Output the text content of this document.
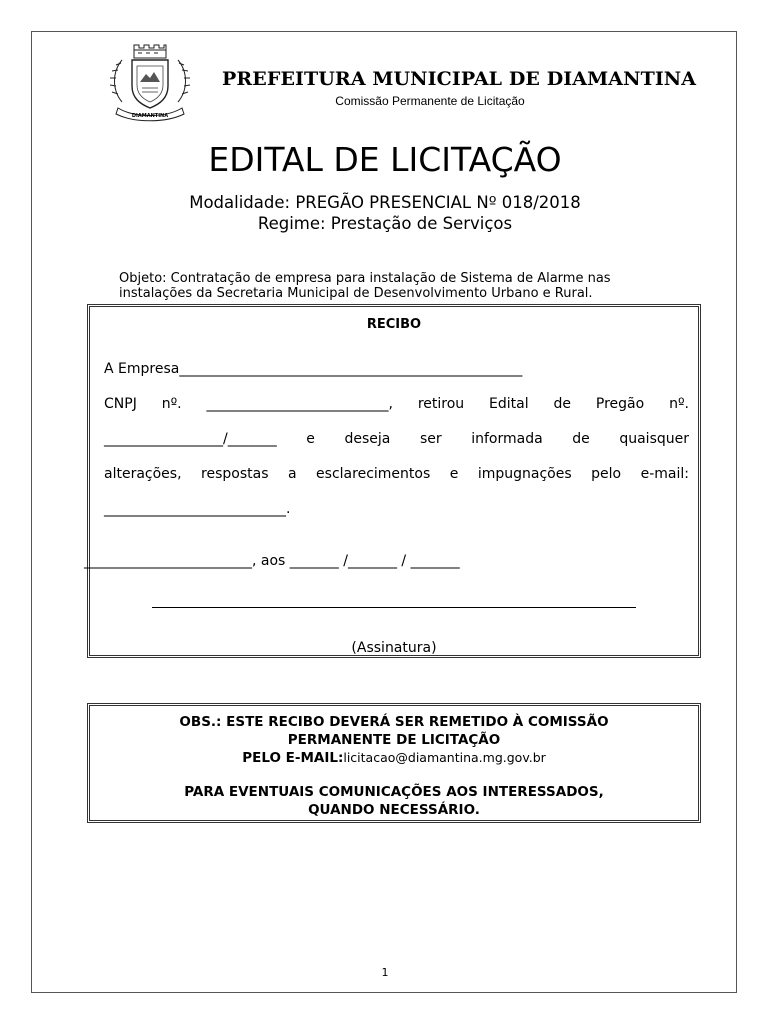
DIAMANTINA
PREFEITURA MUNICIPAL DE DIAMANTINA
Comissão Permanente de Licitação
EDITAL DE LICITAÇÃO
Modalidade: PREGÃO PRESENCIAL Nº 018/2018
Regime: Prestação de Serviços
Objeto: Contratação de empresa para instalação de Sistema de Alarme nas
instalações da Secretaria Municipal de Desenvolvimento Urbano e Rural.
RECIBO
A Empresa_________________________________________________
CNPJ nº. __________________________, retirou Edital de Pregão nº.
_________________/_______ e deseja ser informada de quaisquer
alterações, respostas a esclarecimentos e impugnações pelo e-mail:
__________________________.
________________________, aos _______ /_______ / _______
(Assinatura)
OBS.: ESTE RECIBO DEVERÁ SER REMETIDO À COMISSÃO
PERMANENTE DE LICITAÇÃO
PELO E-MAIL:licitacao@diamantina.mg.gov.br
PARA EVENTUAIS COMUNICAÇÕES AOS INTERESSADOS,
QUANDO NECESSÁRIO.
1
